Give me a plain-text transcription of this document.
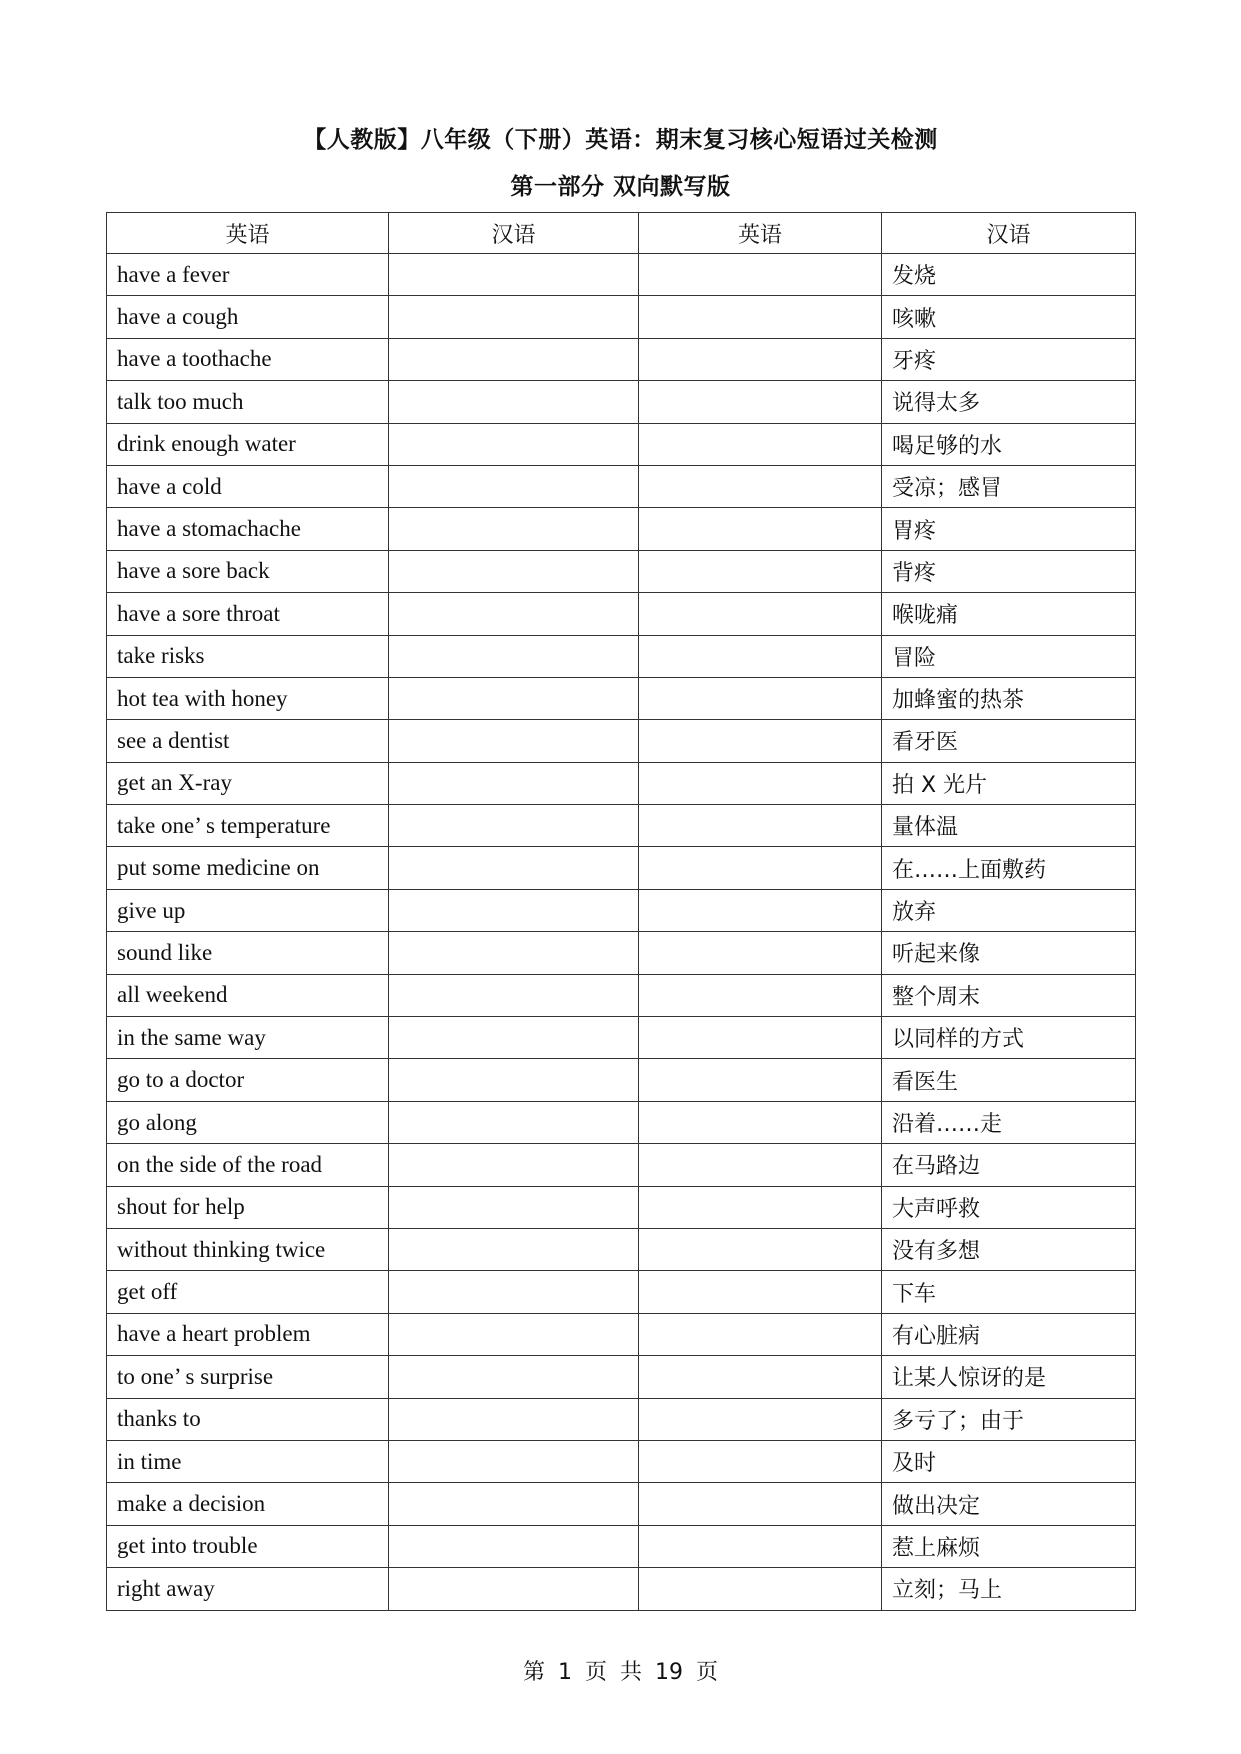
【人教版】八年级（下册）英语：期末复习核心短语过关检测
第一部分 双向默写版
英语	汉语	英语	汉语
have a fever			发烧
have a cough			咳嗽
have a toothache			牙疼
talk too much			说得太多
drink enough water			喝足够的水
have a cold			受凉；感冒
have a stomachache			胃疼
have a sore back			背疼
have a sore throat			喉咙痛
take risks			冒险
hot tea with honey			加蜂蜜的热茶
see a dentist			看牙医
get an X-ray			拍 X 光片
take one’ s temperature			量体温
put some medicine on			在……上面敷药
give up			放弃
sound like			听起来像
all weekend			整个周末
in the same way			以同样的方式
go to a doctor			看医生
go along			沿着……走
on the side of the road			在马路边
shout for help			大声呼救
without thinking twice			没有多想
get off			下车
have a heart problem			有心脏病
to one’ s surprise			让某人惊讶的是
thanks to			多亏了；由于
in time			及时
make a decision			做出决定
get into trouble			惹上麻烦
right away			立刻；马上
第 1 页 共 19 页
